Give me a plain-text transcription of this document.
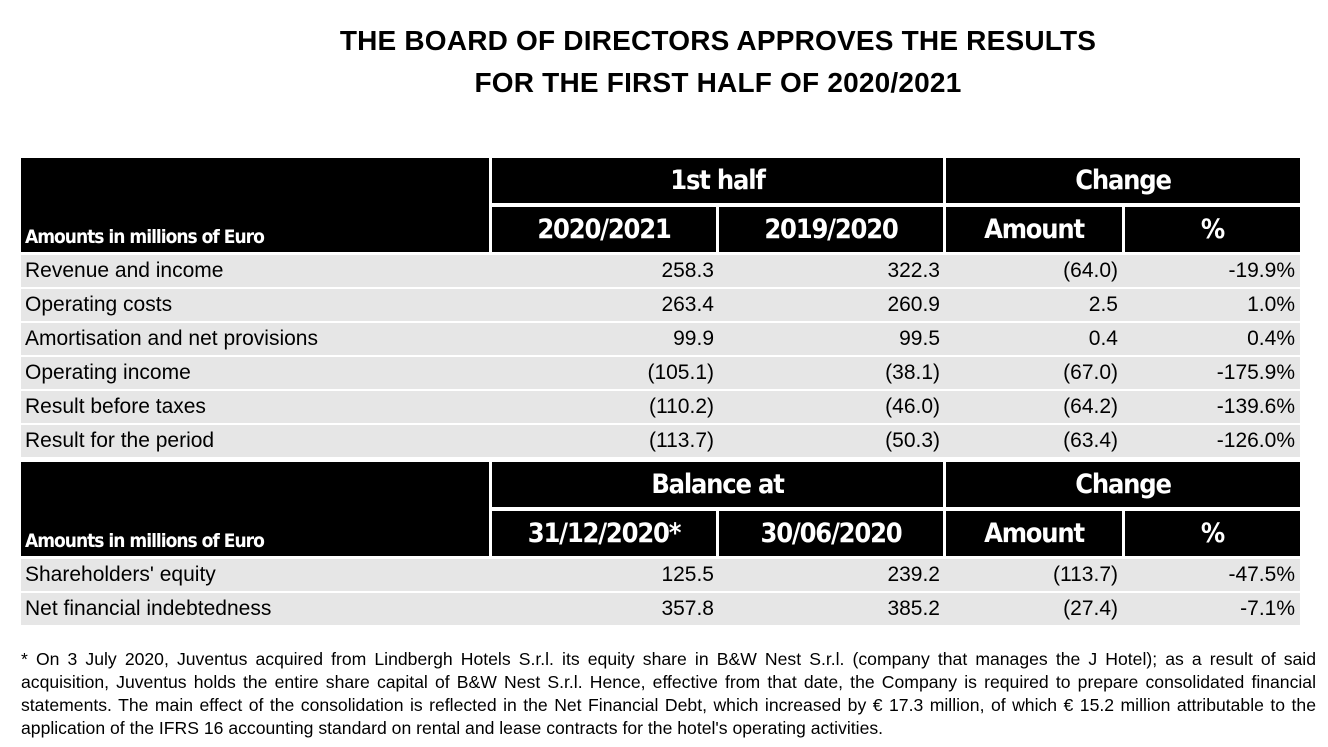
THE BOARD OF DIRECTORS APPROVES THE RESULTS
FOR THE FIRST HALF OF 2020/2021
Amounts in millions of Euro
1st half	Change
2020/2021	2019/2020	Amount	%
Revenue and income	258.3	322.3	(64.0)	-19.9%
Operating costs	263.4	260.9	2.5	1.0%
Amortisation and net provisions	99.9	99.5	0.4	0.4%
Operating income	(105.1)	(38.1)	(67.0)	-175.9%
Result before taxes	(110.2)	(46.0)	(64.2)	-139.6%
Result for the period	(113.7)	(50.3)	(63.4)	-126.0%
Amounts in millions of Euro
Balance at	Change
31/12/2020*	30/06/2020	Amount	%
Shareholders' equity	125.5	239.2	(113.7)	-47.5%
Net financial indebtedness	357.8	385.2	(27.4)	-7.1%
* On 3 July 2020, Juventus acquired from Lindbergh Hotels S.r.l. its equity share in B&W Nest S.r.l. (company that manages the J Hotel); as a result of said acquisition, Juventus holds the entire share capital of B&W Nest S.r.l. Hence, effective from that date, the Company is required to prepare consolidated financial statements. The main effect of the consolidation is reflected in the Net Financial Debt, which increased by € 17.3 million, of which € 15.2 million attributable to the application of the IFRS 16 accounting standard on rental and lease contracts for the hotel's operating activities.
